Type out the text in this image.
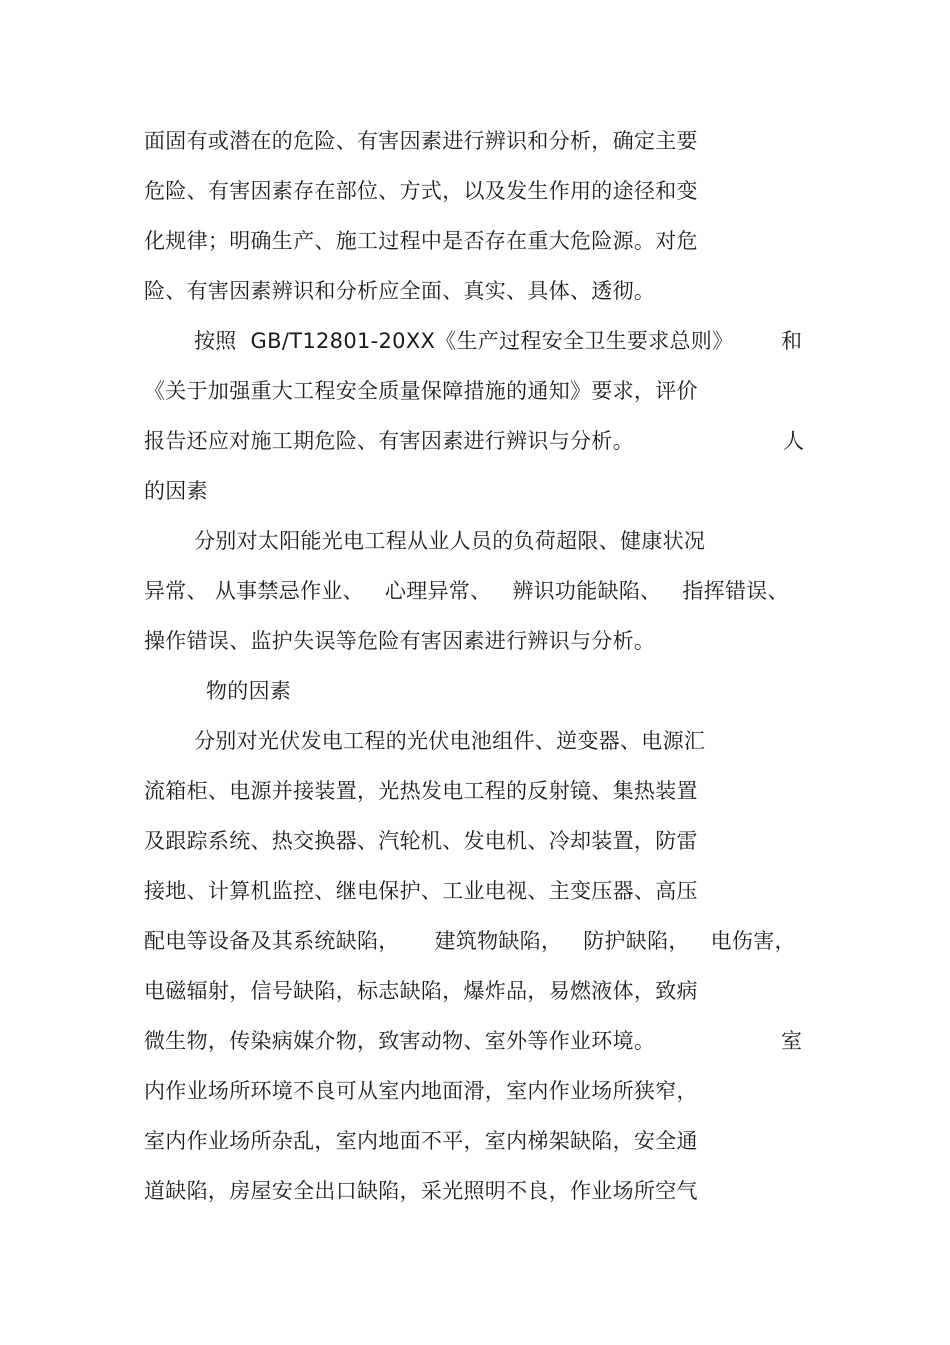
面固有或潜在的危险、有害因素进行辨识和分析，确定主要

危险、有害因素存在部位、方式，以及发生作用的途径和变

化规律；明确生产、施工过程中是否存在重大危险源。对危

险、有害因素辨识和分析应全面、真实、具体、透彻。

按照  GB/T12801-20XX《生产过程安全卫生要求总则》 和

《关于加强重大工程安全质量保障措施的通知》要求，评价

报告还应对施工期危险、有害因素进行辨识与分析。	人

的因素

分别对太阳能光电工程从业人员的负荷超限、健康状况

异常、 从事禁忌作业、   心理异常、   辨识功能缺陷、   指挥错误、

操作错误、监护失误等危险有害因素进行辨识与分析。

物的因素

分别对光伏发电工程的光伏电池组件、逆变器、电源汇

流箱柜、电源并接装置，光热发电工程的反射镜、集热装置

及跟踪系统、热交换器、汽轮机、发电机、冷却装置，防雷

接地、计算机监控、继电保护、工业电视、主变压器、高压

配电等设备及其系统缺陷，     建筑物缺陷，   防护缺陷，   电伤害，

电磁辐射，信号缺陷，标志缺陷，爆炸品，易燃液体，致病

微生物，传染病媒介物，致害动物、室外等作业环境。	室

内作业场所环境不良可从室内地面滑，室内作业场所狭窄，

室内作业场所杂乱，室内地面不平，室内梯架缺陷，安全通

道缺陷，房屋安全出口缺陷，采光照明不良，作业场所空气
